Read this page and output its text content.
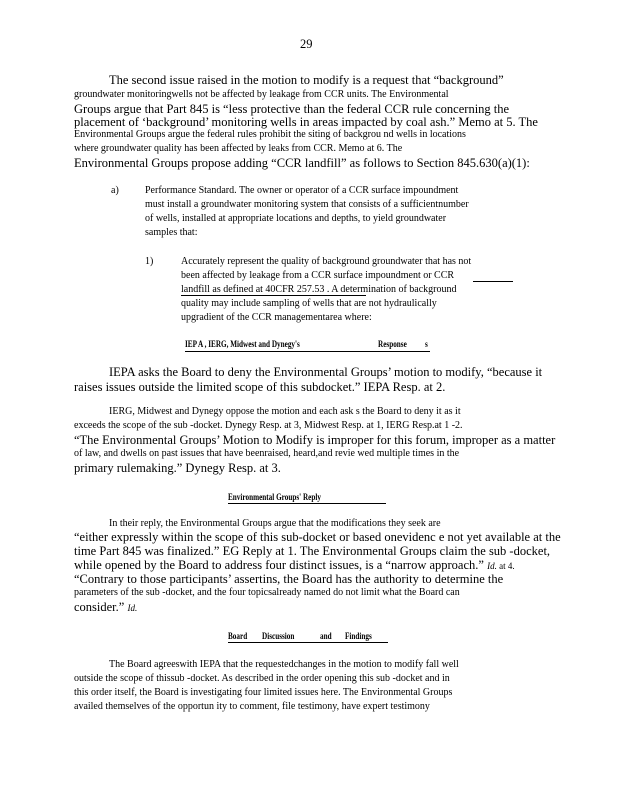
29
The second issue raised in the motion to modify is a request that “background”
groundwater monitoringwells not be affected by leakage from CCR units. The Environmental
Groups argue that Part 845 is “less protective than the federal CCR rule concerning the
placement of ‘background’ monitoring wells in areas impacted by coal ash.” Memo at 5. The
Environmental Groups argue the federal rules prohibit the siting of backgrou nd wells in locations
where groundwater quality has been affected by leaks from CCR. Memo at 6. The
Environmental Groups propose adding “CCR landfill” as follows to Section 845.630(a)(1):
a)	Performance Standard. The owner or operator of a CCR surface impoundment
must install a groundwater monitoring system that consists of a sufficientnumber
of wells, installed at appropriate locations and depths, to yield groundwater
samples that:
1)	Accurately represent the quality of background groundwater that has not
been affected by leakage from a CCR surface impoundment or CCR
landfill as defined at 40CFR 257.53 . A determination of background
quality may include sampling of wells that are not hydraulically
upgradient of the CCR managementarea where:
IEP A , IERG, Midwest and Dynegy's	Response s
IEPA asks the Board to deny the Environmental Groups’ motion to modify, “because it
raises issues outside the limited scope of this subdocket.” IEPA Resp. at 2.
IERG, Midwest and Dynegy oppose the motion and each ask s the Board to deny it as it
exceeds the scope of the sub -docket. Dynegy Resp. at 3, Midwest Resp. at 1, IERG Resp.at 1 -2.
“The Environmental Groups’ Motion to Modify is improper for this forum, improper as a matter
of law, and dwells on past issues that have beenraised, heard,and revie wed multiple times in the
primary rulemaking.” Dynegy Resp. at 3.
Environmental Groups' Reply
In their reply, the Environmental Groups argue that the modifications they seek are
“either expressly within the scope of this sub-docket or based onevidenc e not yet available at the
time Part 845 was finalized.” EG Reply at 1. The Environmental Groups claim the sub -docket,
while opened by the Board to address four distinct issues, is a “narrow approach.” Id. at 4.
“Contrary to those participants’ assertins, the Board has the authority to determine the
parameters of the sub -docket, and the four topicsalready named do not limit what the Board can
consider.” Id.
Board Discussion	and Findings
The Board agreeswith IEPA that the requestedchanges in the motion to modify fall well
outside the scope of thissub -docket. As described in the order opening this sub -docket and in
this order itself, the Board is investigating four limited issues here. The Environmental Groups
availed themselves of the opportun ity to comment, file testimony, have expert testimony
